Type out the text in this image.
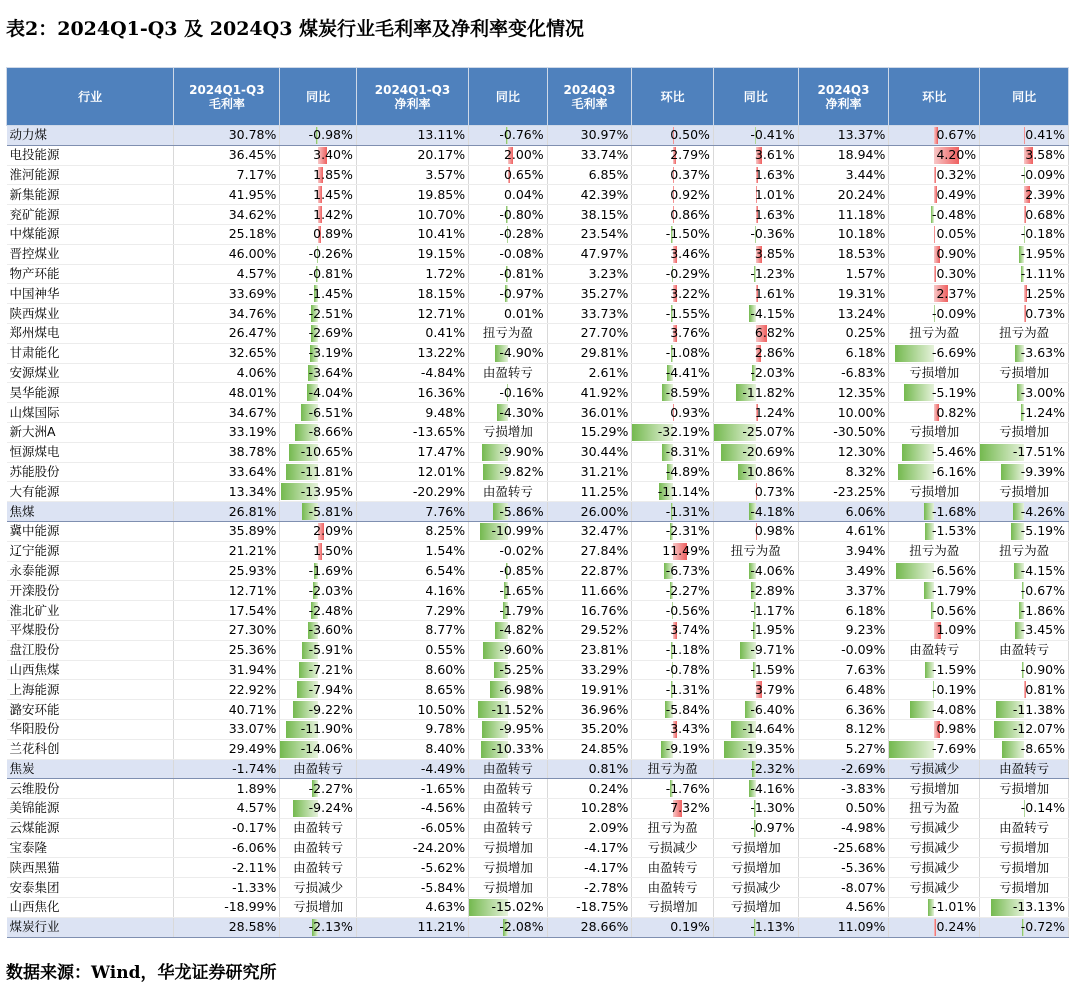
表2：2024Q1-Q3 及 2024Q3 煤炭行业毛利率及净利率变化情况
行业	2024Q1-Q3
毛利率	同比	2024Q1-Q3
净利率	同比	2024Q3
毛利率	环比	同比	2024Q3
净利率	环比	同比
动力煤	30.78%	-0.98%	13.11%	-0.76%	30.97%	0.50%	-0.41%	13.37%	0.67%	0.41%
电投能源	36.45%	3.40%	20.17%	2.00%	33.74%	2.79%	3.61%	18.94%	4.20%	3.58%
淮河能源	7.17%	1.85%	3.57%	0.65%	6.85%	0.37%	1.63%	3.44%	0.32%	-0.09%
新集能源	41.95%	1.45%	19.85%	0.04%	42.39%	0.92%	1.01%	20.24%	0.49%	2.39%
兖矿能源	34.62%	1.42%	10.70%	-0.80%	38.15%	0.86%	1.63%	11.18%	-0.48%	0.68%
中煤能源	25.18%	0.89%	10.41%	-0.28%	23.54%	-1.50%	-0.36%	10.18%	0.05%	-0.18%
晋控煤业	46.00%	-0.26%	19.15%	-0.08%	47.97%	3.46%	3.85%	18.53%	0.90%	-1.95%
物产环能	4.57%	-0.81%	1.72%	-0.81%	3.23%	-0.29%	-1.23%	1.57%	0.30%	-1.11%
中国神华	33.69%	-1.45%	18.15%	-0.97%	35.27%	3.22%	1.61%	19.31%	2.37%	1.25%
陕西煤业	34.76%	-2.51%	12.71%	0.01%	33.73%	-1.55%	-4.15%	13.24%	-0.09%	0.73%
郑州煤电	26.47%	-2.69%	0.41%	扭亏为盈	27.70%	3.76%	6.82%	0.25%	扭亏为盈	扭亏为盈
甘肃能化	32.65%	-3.19%	13.22%	-4.90%	29.81%	-1.08%	2.86%	6.18%	-6.69%	-3.63%
安源煤业	4.06%	-3.64%	-4.84%	由盈转亏	2.61%	-4.41%	-2.03%	-6.83%	亏损增加	亏损增加
昊华能源	48.01%	-4.04%	16.36%	-0.16%	41.92%	-8.59%	-11.82%	12.35%	-5.19%	-3.00%
山煤国际	34.67%	-6.51%	9.48%	-4.30%	36.01%	0.93%	1.24%	10.00%	0.82%	-1.24%
新大洲A	33.19%	-8.66%	-13.65%	亏损增加	15.29%	-32.19%	-25.07%	-30.50%	亏损增加	亏损增加
恒源煤电	38.78%	-10.65%	17.47%	-9.90%	30.44%	-8.31%	-20.69%	12.30%	-5.46%	-17.51%
苏能股份	33.64%	-11.81%	12.01%	-9.82%	31.21%	-4.89%	-10.86%	8.32%	-6.16%	-9.39%
大有能源	13.34%	-13.95%	-20.29%	由盈转亏	11.25%	-11.14%	0.73%	-23.25%	亏损增加	亏损增加
焦煤	26.81%	-5.81%	7.76%	-5.86%	26.00%	-1.31%	-4.18%	6.06%	-1.68%	-4.26%
冀中能源	35.89%	2.09%	8.25%	-10.99%	32.47%	-2.31%	0.98%	4.61%	-1.53%	-5.19%
辽宁能源	21.21%	1.50%	1.54%	-0.02%	27.84%	11.49%	扭亏为盈	3.94%	扭亏为盈	扭亏为盈
永泰能源	25.93%	-1.69%	6.54%	-0.85%	22.87%	-6.73%	-4.06%	3.49%	-6.56%	-4.15%
开滦股份	12.71%	-2.03%	4.16%	-1.65%	11.66%	-2.27%	-2.89%	3.37%	-1.79%	-0.67%
淮北矿业	17.54%	-2.48%	7.29%	-1.79%	16.76%	-0.56%	-1.17%	6.18%	-0.56%	-1.86%
平煤股份	27.30%	-3.60%	8.77%	-4.82%	29.52%	3.74%	-1.95%	9.23%	1.09%	-3.45%
盘江股份	25.36%	-5.91%	0.55%	-9.60%	23.81%	-1.18%	-9.71%	-0.09%	由盈转亏	由盈转亏
山西焦煤	31.94%	-7.21%	8.60%	-5.25%	33.29%	-0.78%	-1.59%	7.63%	-1.59%	-0.90%
上海能源	22.92%	-7.94%	8.65%	-6.98%	19.91%	-1.31%	3.79%	6.48%	-0.19%	0.81%
潞安环能	40.71%	-9.22%	10.50%	-11.52%	36.96%	-5.84%	-6.40%	6.36%	-4.08%	-11.38%
华阳股份	33.07%	-11.90%	9.78%	-9.95%	35.20%	3.43%	-14.64%	8.12%	0.98%	-12.07%
兰花科创	29.49%	-14.06%	8.40%	-10.33%	24.85%	-9.19%	-19.35%	5.27%	-7.69%	-8.65%
焦炭	-1.74%	由盈转亏	-4.49%	由盈转亏	0.81%	扭亏为盈	-2.32%	-2.69%	亏损减少	由盈转亏
云维股份	1.89%	-2.27%	-1.65%	由盈转亏	0.24%	-1.76%	-4.16%	-3.83%	亏损增加	亏损增加
美锦能源	4.57%	-9.24%	-4.56%	由盈转亏	10.28%	7.32%	-1.30%	0.50%	扭亏为盈	-0.14%
云煤能源	-0.17%	由盈转亏	-6.05%	由盈转亏	2.09%	扭亏为盈	-0.97%	-4.98%	亏损减少	由盈转亏
宝泰隆	-6.06%	由盈转亏	-24.20%	亏损增加	-4.17%	亏损减少	亏损增加	-25.68%	亏损减少	亏损增加
陕西黑猫	-2.11%	由盈转亏	-5.62%	亏损增加	-4.17%	由盈转亏	亏损增加	-5.36%	亏损减少	亏损增加
安泰集团	-1.33%	亏损减少	-5.84%	亏损增加	-2.78%	由盈转亏	亏损减少	-8.07%	亏损减少	亏损增加
山西焦化	-18.99%	亏损增加	4.63%	-15.02%	-18.75%	亏损增加	亏损增加	4.56%	-1.01%	-13.13%
煤炭行业	28.58%	-2.13%	11.21%	-2.08%	28.66%	0.19%	-1.13%	11.09%	0.24%	-0.72%
数据来源：Wind，华龙证券研究所
